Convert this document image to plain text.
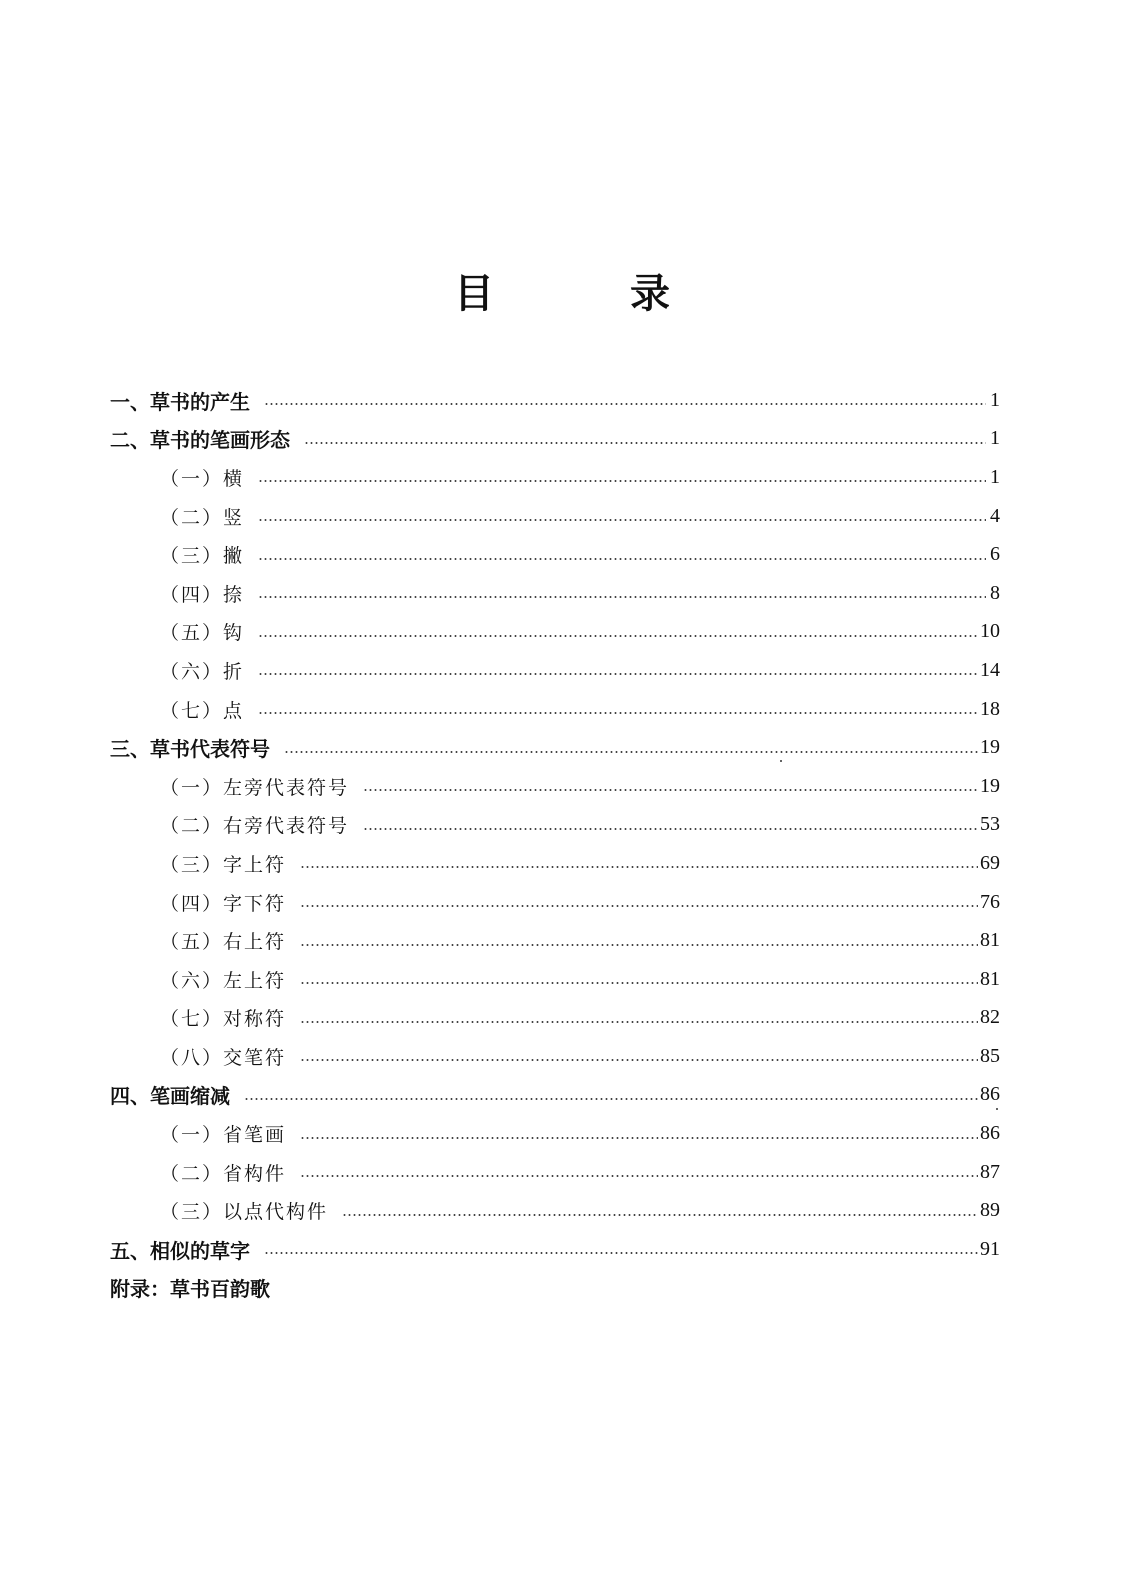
目　录
一、草书的产生	1
二、草书的笔画形态	1
（一）横	1
（二）竖	4
（三）撇	6
（四）捺	8
（五）钩	10
（六）折	14
（七）点	18
三、草书代表符号	19
（一）左旁代表符号	19
（二）右旁代表符号	53
（三）字上符	69
（四）字下符	76
（五）右上符	81
（六）左上符	81
（七）对称符	82
（八）交笔符	85
四、笔画缩减	86
（一）省笔画	86
（二）省构件	87
（三）以点代构件	89
五、相似的草字	91
附录：草书百韵歌
